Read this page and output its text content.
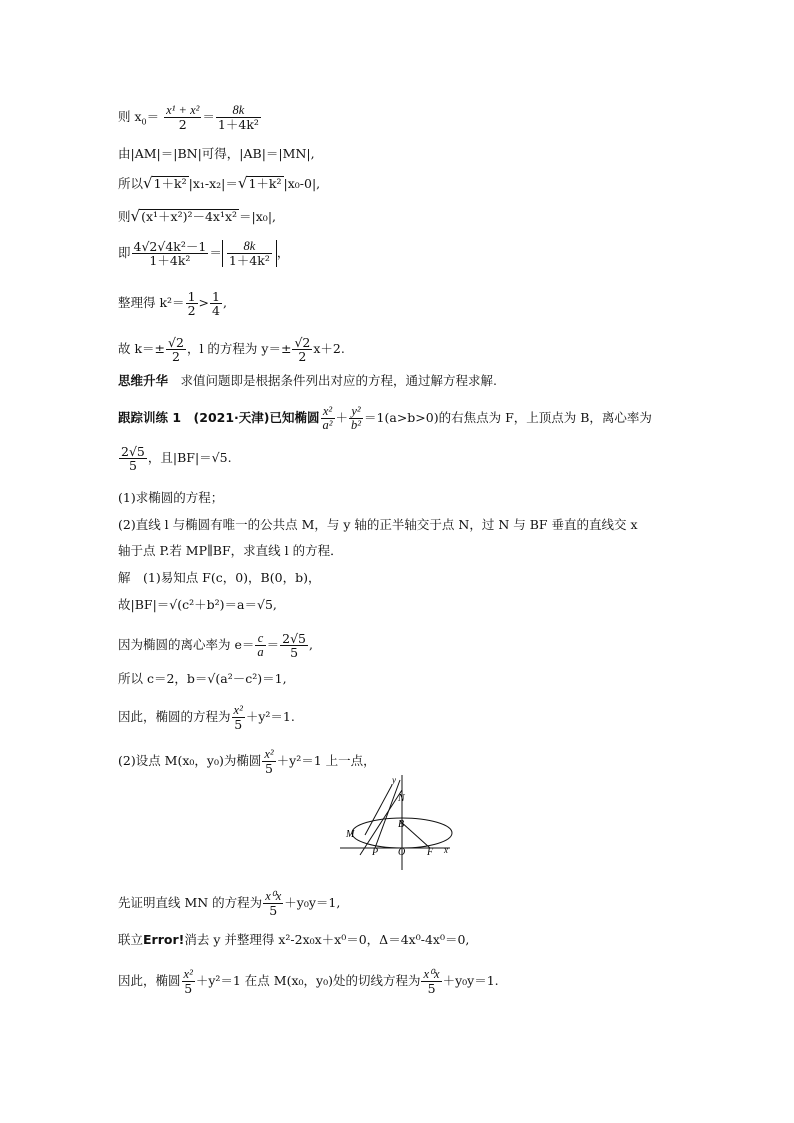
则 $x_0= \frac{\text{x¹ + x²}}{2} = \frac{8k}{\text{1＋4k²}}$
由|AM|＝|BN|可得，|AB|＝|MN|,
所以√1＋k² |x₁-x₂|＝√1＋k² |x₀-0|,
则√(x¹＋x²)²－4x¹x² ＝|x₀|,
即 $\frac{\text{4√2√4k²－1}}{\text{1＋4k²}} = \frac{8k}{\text{1＋4k²}}$ ，
整理得 $k^2= \frac{1}{2} > \frac{1}{4}$ ,
故 $k=\pm \frac{√2}{2}$ ，l 的方程为 $y=\pm \frac{√2}{2} x+2$.
思维升华　求值问题即是根据条件列出对应的方程，通过解方程求解.
跟踪训练 1　(2021·天津)已知椭圆 $\frac{\text{x²}}{\text{a²}} + \frac{\text{y²}}{\text{b²}} =1(a>b>0)$的右焦点为 F，上顶点为 B，离心率为
$\frac{2√5}{5}$ ，且|BF|＝√5.
(1)求椭圆的方程；
(2)直线 l 与椭圆有唯一的公共点 M，与 y 轴的正半轴交于点 N，过 N 与 BF 垂直的直线交 x
轴于点 P.若 MP∥BF，求直线 l 的方程．
解　(1)易知点 F(c，0)，B(0，b)，
故|BF|＝√(c²＋b²)＝a＝√5,
因为椭圆的离心率为 $e= \frac{c}{a} = \frac{2√5}{5}$ ,
所以 c＝2，b＝√(a²－c²)＝1,
因此，椭圆的方程为 $\frac{\text{x²}}{5} +y^2=1$.
(2)设点 M(x₀，y₀)为椭圆 $\frac{\text{x²}}{5} +y^2=1$ 上一点，
y
N
B
M
P O F x
先证明直线 MN 的方程为 $\frac{\text{x⁰x}}{5} +y_0y=1$,
联立Error!消去 y 并整理得 x²-2x₀x＋x⁰＝0，Δ＝4x⁰-4x⁰＝0,
因此，椭圆 $\frac{\text{x²}}{5} +y^2=1$ 在点 M(x₀，y₀)处的切线方程为 $\frac{\text{x⁰x}}{5} +y_0y=1$.
